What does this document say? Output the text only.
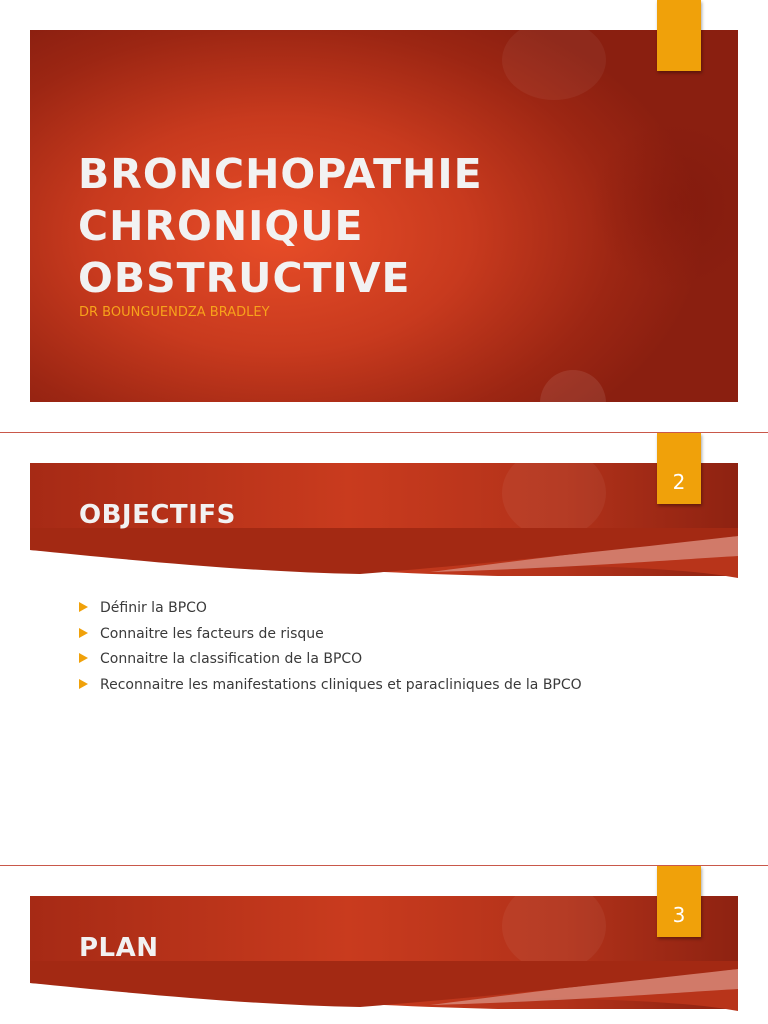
BRONCHOPATHIE
CHRONIQUE
OBSTRUCTIVE

DR BOUNGUENDZA BRADLEY

2
OBJECTIFS
Définir la BPCO
Connaitre les facteurs de risque
Connaitre la classification de la BPCO
Reconnaitre les manifestations cliniques et paracliniques de la BPCO
3
PLAN
